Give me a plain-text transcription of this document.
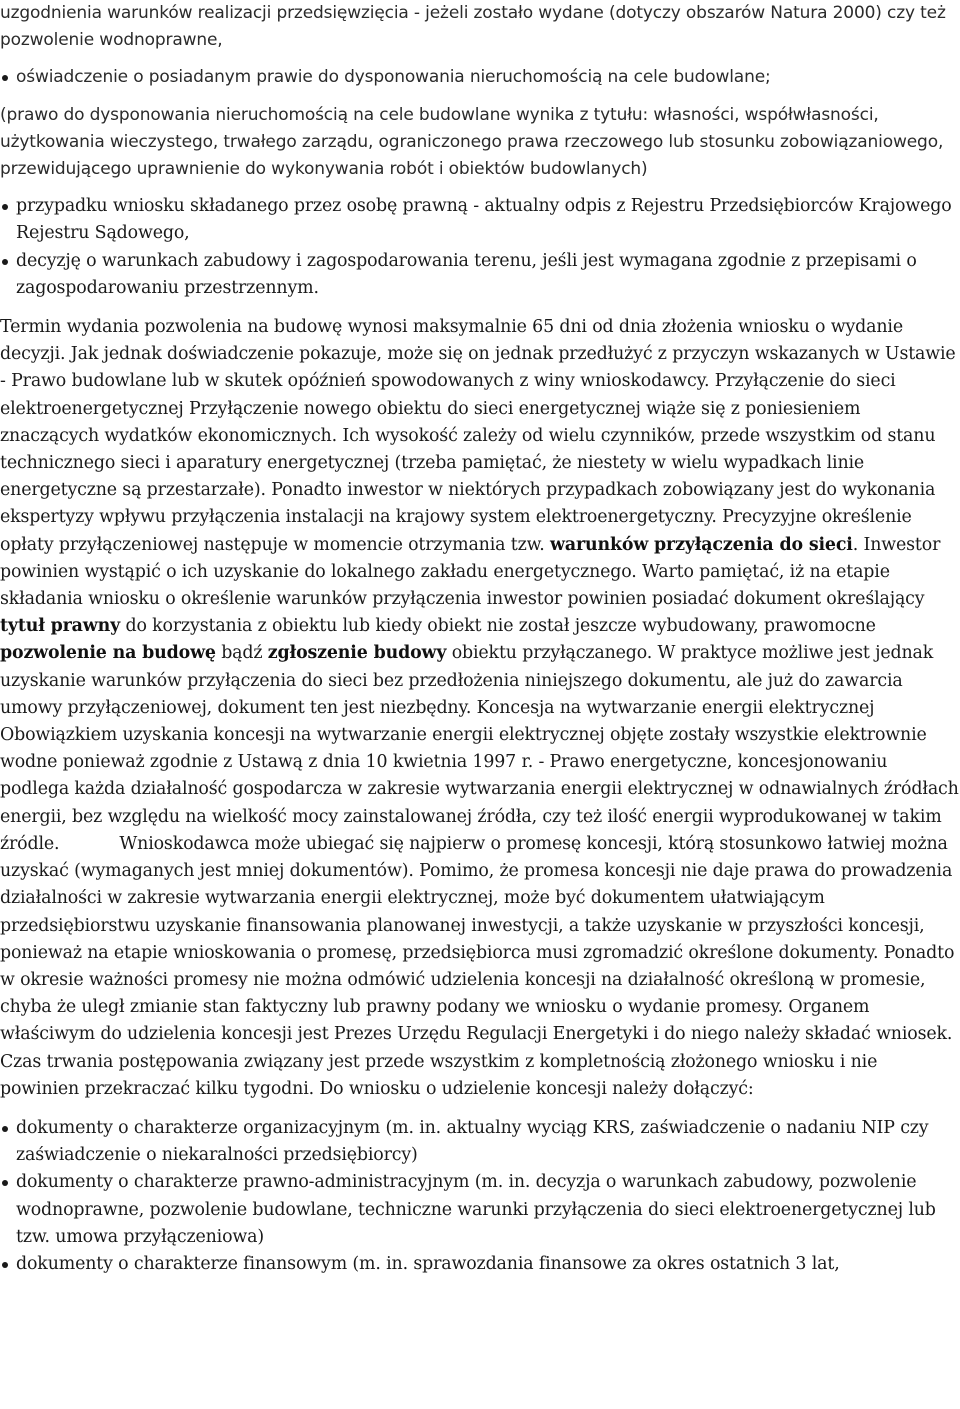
uzgodnienia warunków realizacji przedsięwzięcia - jeżeli zostało wydane (dotyczy obszarów Natura 2000) czy też pozwolenie wodnoprawne,

oświadczenie o posiadanym prawie do dysponowania nieruchomością na cele budowlane;

(prawo do dysponowania nieruchomością na cele budowlane wynika z tytułu: własności, współwłasności, użytkowania wieczystego, trwałego zarządu, ograniczonego prawa rzeczowego lub stosunku zobowiązaniowego, przewidującego uprawnienie do wykonywania robót i obiektów budowlanych)

przypadku wniosku składanego przez osobę prawną - aktualny odpis z Rejestru Przedsiębiorców Krajowego Rejestru Sądowego,
decyzję o warunkach zabudowy i zagospodarowania terenu, jeśli jest wymagana zgodnie z przepisami o zagospodarowaniu przestrzennym.

Termin wydania pozwolenia na budowę wynosi maksymalnie 65 dni od dnia złożenia wniosku o wydanie decyzji. Jak jednak doświadczenie pokazuje, może się on jednak przedłużyć z przyczyn wskazanych w Ustawie - Prawo budowlane lub w skutek opóźnień spowodowanych z winy wnioskodawcy. Przyłączenie do sieci elektroenergetycznej Przyłączenie nowego obiektu do sieci energetycznej wiąże się z poniesieniem znaczących wydatków ekonomicznych. Ich wysokość zależy od wielu czynników, przede wszystkim od stanu technicznego sieci i aparatury energetycznej (trzeba pamiętać, że niestety w wielu wypadkach linie energetyczne są przestarzałe). Ponadto inwestor w niektórych przypadkach zobowiązany jest do wykonania ekspertyzy wpływu przyłączenia instalacji na krajowy system elektroenergetyczny. Precyzyjne określenie opłaty przyłączeniowej następuje w momencie otrzymania tzw. warunków przyłączenia do sieci. Inwestor powinien wystąpić o ich uzyskanie do lokalnego zakładu energetycznego. Warto pamiętać, iż na etapie składania wniosku o określenie warunków przyłączenia inwestor powinien posiadać dokument określający tytuł prawny do korzystania z obiektu lub kiedy obiekt nie został jeszcze wybudowany, prawomocne pozwolenie na budowę bądź zgłoszenie budowy obiektu przyłączanego. W praktyce możliwe jest jednak uzyskanie warunków przyłączenia do sieci bez przedłożenia niniejszego dokumentu, ale już do zawarcia umowy przyłączeniowej, dokument ten jest niezbędny. Koncesja na wytwarzanie energii elektrycznejObowiązkiem uzyskania koncesji na wytwarzanie energii elektrycznej objęte zostały wszystkie elektrownie wodne ponieważ zgodnie z Ustawą z dnia 10 kwietnia 1997 r. - Prawo energetyczne, koncesjonowaniu podlega każda działalność gospodarcza w zakresie wytwarzania energii elektrycznej w odnawialnych źródłach energii, bez względu na wielkość mocy zainstalowanej źródła, czy też ilość energii wyprodukowanej w takim źródle.	Wnioskodawca może ubiegać się najpierw o promesę koncesji, którą stosunkowo łatwiej można uzyskać (wymaganych jest mniej dokumentów). Pomimo, że promesa koncesji nie daje prawa do prowadzenia działalności w zakresie wytwarzania energii elektrycznej, może być dokumentem ułatwiającym przedsiębiorstwu uzyskanie finansowania planowanej inwestycji, a także uzyskanie w przyszłości koncesji, ponieważ na etapie wnioskowania o promesę, przedsiębiorca musi zgromadzić określone dokumenty. Ponadto w okresie ważności promesy nie można odmówić udzielenia koncesji na działalność określoną w promesie, chyba że uległ zmianie stan faktyczny lub prawny podany we wniosku o wydanie promesy. Organem właściwym do udzielenia koncesji jest Prezes Urzędu Regulacji Energetyki i do niego należy składać wniosek. Czas trwania postępowania związany jest przede wszystkim z kompletnością złożonego wniosku i nie powinien przekraczać kilku tygodni. Do wniosku o udzielenie koncesji należy dołączyć:

dokumenty o charakterze organizacyjnym (m. in. aktualny wyciąg KRS, zaświadczenie o nadaniu NIP czy zaświadczenie o niekaralności przedsiębiorcy)
dokumenty o charakterze prawno-administracyjnym (m. in. decyzja o warunkach zabudowy, pozwolenie wodnoprawne, pozwolenie budowlane, techniczne warunki przyłączenia do sieci elektroenergetycznej lub tzw. umowa przyłączeniowa)
dokumenty o charakterze finansowym (m. in. sprawozdania finansowe za okres ostatnich 3 lat,
